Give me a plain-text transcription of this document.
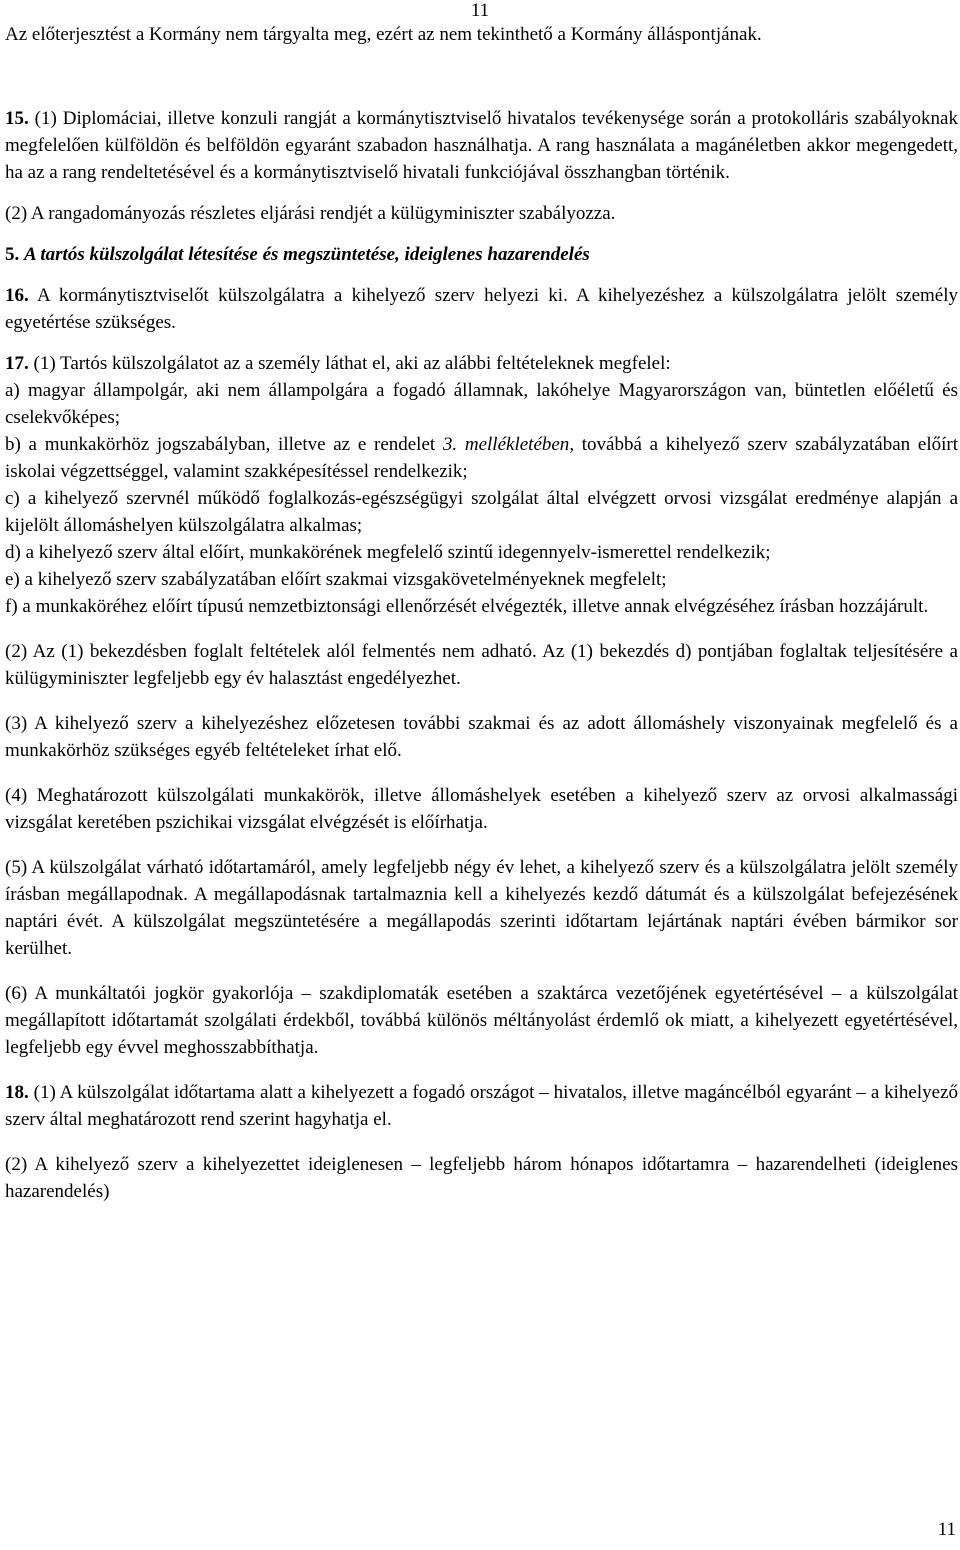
11
Az előterjesztést a Kormány nem tárgyalta meg, ezért az nem tekinthető a Kormány álláspontjának.

15. (1) Diplomáciai, illetve konzuli rangját a kormánytisztviselő hivatalos tevékenysége során a protokolláris szabályoknak megfelelően külföldön és belföldön egyaránt szabadon használhatja. A rang használata a magánéletben akkor megengedett, ha az a rang rendeltetésével és a kormánytisztviselő hivatali funkciójával összhangban történik.

(2) A rangadományozás részletes eljárási rendjét a külügyminiszter szabályozza.

5. A tartós külszolgálat létesítése és megszüntetése, ideiglenes hazarendelés

16. A kormánytisztviselőt külszolgálatra a kihelyező szerv helyezi ki. A kihelyezéshez a külszolgálatra jelölt személy egyetértése szükséges.

17. (1) Tartós külszolgálatot az a személy láthat el, aki az alábbi feltételeknek megfelel:

a) magyar állampolgár, aki nem állampolgára a fogadó államnak, lakóhelye Magyarországon van, büntetlen előéletű és cselekvőképes;

b) a munkakörhöz jogszabályban, illetve az e rendelet 3. mellékletében, továbbá a kihelyező szerv szabályzatában előírt iskolai végzettséggel, valamint szakképesítéssel rendelkezik;

c) a kihelyező szervnél működő foglalkozás-egészségügyi szolgálat által elvégzett orvosi vizsgálat eredménye alapján a kijelölt állomáshelyen külszolgálatra alkalmas;

d) a kihelyező szerv által előírt, munkakörének megfelelő szintű idegennyelv-ismerettel rendelkezik;

e) a kihelyező szerv szabályzatában előírt szakmai vizsgakövetelményeknek megfelelt;

f) a munkaköréhez előírt típusú nemzetbiztonsági ellenőrzését elvégezték, illetve annak elvégzéséhez írásban hozzájárult.

(2) Az (1) bekezdésben foglalt feltételek alól felmentés nem adható. Az (1) bekezdés d) pontjában foglaltak teljesítésére a külügyminiszter legfeljebb egy év halasztást engedélyezhet.

(3) A kihelyező szerv a kihelyezéshez előzetesen további szakmai és az adott állomáshely viszonyainak megfelelő és a munkakörhöz szükséges egyéb feltételeket írhat elő.

(4) Meghatározott külszolgálati munkakörök, illetve állomáshelyek esetében a kihelyező szerv az orvosi alkalmassági vizsgálat keretében pszichikai vizsgálat elvégzését is előírhatja.

(5) A külszolgálat várható időtartamáról, amely legfeljebb négy év lehet, a kihelyező szerv és a külszolgálatra jelölt személy írásban megállapodnak. A megállapodásnak tartalmaznia kell a kihelyezés kezdő dátumát és a külszolgálat befejezésének naptári évét. A külszolgálat megszüntetésére a megállapodás szerinti időtartam lejártának naptári évében bármikor sor kerülhet.

(6) A munkáltatói jogkör gyakorlója – szakdiplomaták esetében a szaktárca vezetőjének egyetértésével – a külszolgálat megállapított időtartamát szolgálati érdekből, továbbá különös méltányolást érdemlő ok miatt, a kihelyezett egyetértésével, legfeljebb egy évvel meghosszabbíthatja.

18. (1) A külszolgálat időtartama alatt a kihelyezett a fogadó országot – hivatalos, illetve magáncélból egyaránt – a kihelyező szerv által meghatározott rend szerint hagyhatja el.

(2) A kihelyező szerv a kihelyezettet ideiglenesen – legfeljebb három hónapos időtartamra – hazarendelheti (ideiglenes hazarendelés)

11
